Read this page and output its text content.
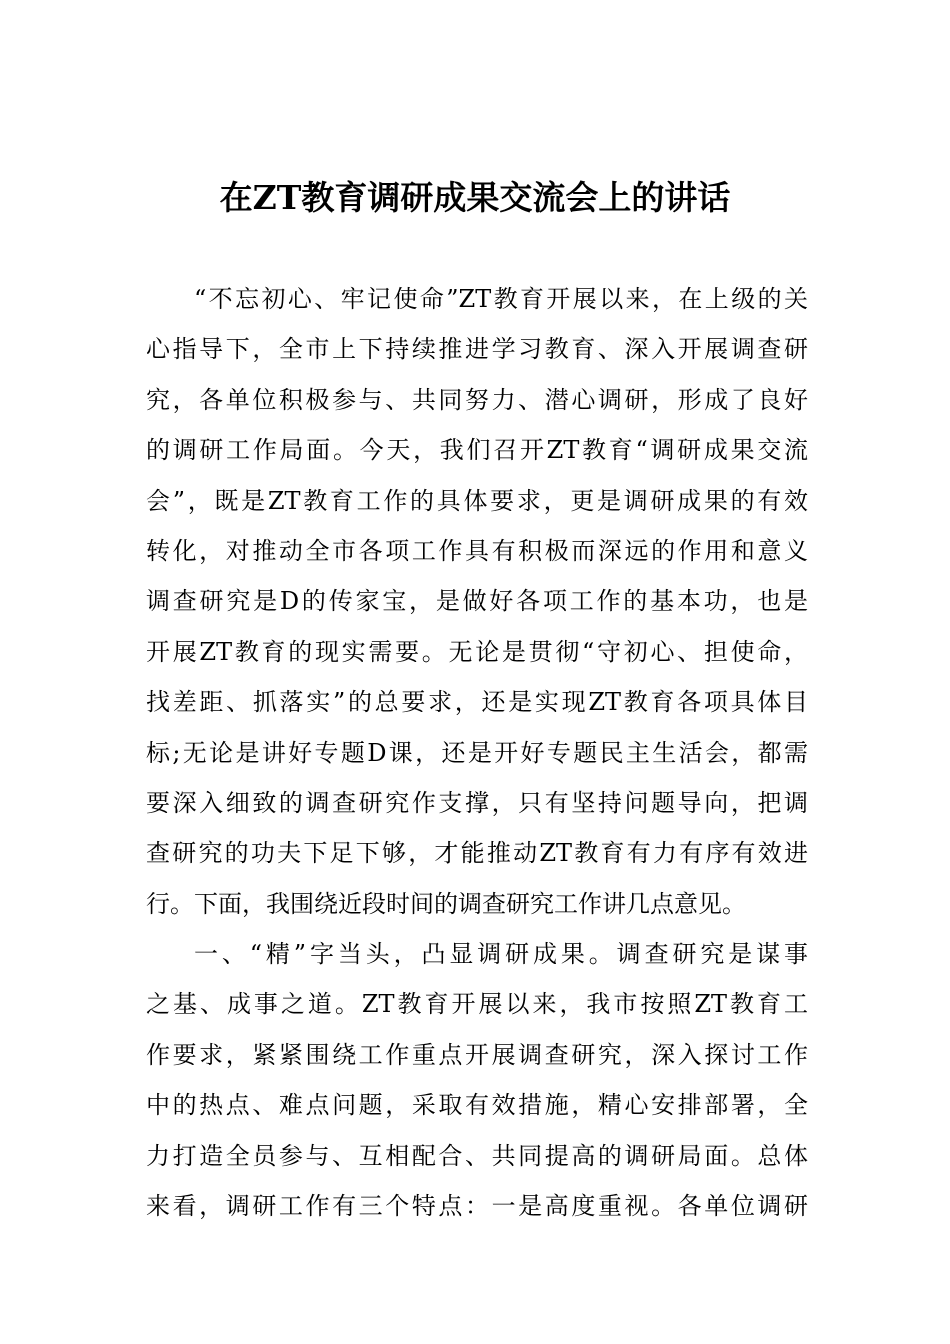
在ZT教育调研成果交流会上的讲话
“不忘初心、牢记使命”ZT教育开展以来，在上级的关
心指导下，全市上下持续推进学习教育、深入开展调查研
究，各单位积极参与、共同努力、潜心调研，形成了良好
的调研工作局面。今天，我们召开ZT教育“调研成果交流
会”，既是ZT教育工作的具体要求，更是调研成果的有效
转化，对推动全市各项工作具有积极而深远的作用和意义
调查研究是D的传家宝，是做好各项工作的基本功，也是
开展ZT教育的现实需要。无论是贯彻“守初心、担使命，
找差距、抓落实”的总要求，还是实现ZT教育各项具体目
标;无论是讲好专题D课，还是开好专题民主生活会，都需
要深入细致的调查研究作支撑，只有坚持问题导向，把调
查研究的功夫下足下够，才能推动ZT教育有力有序有效进
行。下面，我围绕近段时间的调查研究工作讲几点意见。
一、“精”字当头，凸显调研成果。调查研究是谋事
之基、成事之道。ZT教育开展以来，我市按照ZT教育工
作要求，紧紧围绕工作重点开展调查研究，深入探讨工作
中的热点、难点问题，采取有效措施，精心安排部署，全
力打造全员参与、互相配合、共同提高的调研局面。总体
来看，调研工作有三个特点：一是高度重视。各单位调研
